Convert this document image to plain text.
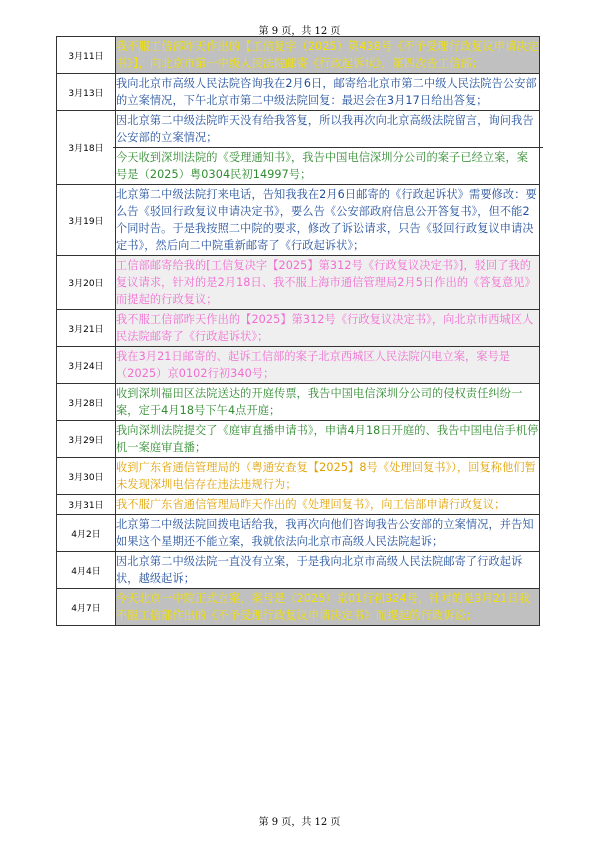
第 9 页，共 12 页
3月11日	我不服工信部昨天作出的【工信复字（2025）第438号《不予受理行政复议申请决定书》】，向北京市第一中级人民法院邮寄《行政起诉状》，第四次告工信部；

3月13日	我向北京市高级人民法院咨询我在2月6日，邮寄给北京市第二中级人民法院告公安部的立案情况，下午北京市第二中级法院回复：最迟会在3月17日给出答复；

3月18日	因北京第二中级法院昨天没有给我答复，所以我再次向北京高级法院留言，询问我告公安部的立案情况；
今天收到深圳法院的《受理通知书》，我告中国电信深圳分公司的案子已经立案，案号是（2025）粤0304民初14997号；

3月19日	北京第二中级法院打来电话，告知我我在2月6日邮寄的《行政起诉状》需要修改：要么告《驳回行政复议申请决定书》，要么告《公安部政府信息公开答复书》，但不能2个同时告。于是我按照二中院的要求，修改了诉讼请求，只告《驳回行政复议申请决定书》，然后向二中院重新邮寄了《行政起诉状》；

3月20日	工信部邮寄给我的[工信复决字【2025】第312号《行政复议决定书》]，驳回了我的复议请求，针对的是2月18日、我不服上海市通信管理局2月5日作出的《答复意见》而提起的行政复议；

3月21日	我不服工信部昨天作出的【2025】第312号《行政复议决定书》，向北京市西城区人民法院邮寄了《行政起诉状》；

3月24日	我在3月21日邮寄的、起诉工信部的案子北京西城区人民法院闪电立案，案号是（2025）京0102行初340号；

3月28日	收到深圳福田区法院送达的开庭传票，我告中国电信深圳分公司的侵权责任纠纷一案，定于4月18号下午4点开庭；

3月29日	我向深圳法院提交了《庭审直播申请书》，申请4月18日开庭的、我告中国电信手机停机一案庭审直播；

3月30日	收到广东省通信管理局的（粤通安查复【2025】8号《处理回复书》），回复称他们暂未发现深圳电信存在违法违规行为；

3月31日	我不服广东省通信管理局昨天作出的《处理回复书》，向工信部申请行政复议；

4月2日	北京第二中级法院回拨电话给我，我再次向他们咨询我告公安部的立案情况，并告知如果这个星期还不能立案，我就依法向北京市高级人民法院起诉；

4月4日	因北京第二中级法院一直没有立案，于是我向北京市高级人民法院邮寄了行政起诉状，越级起诉；

4月7日	今天北京一中院正式立案，案号是（2025）京01行初324号，针对的是3月21日我不服工信部作出的《不予受理行政复议申请决定书》而提起的行政诉讼；
第 9 页，共 12 页
